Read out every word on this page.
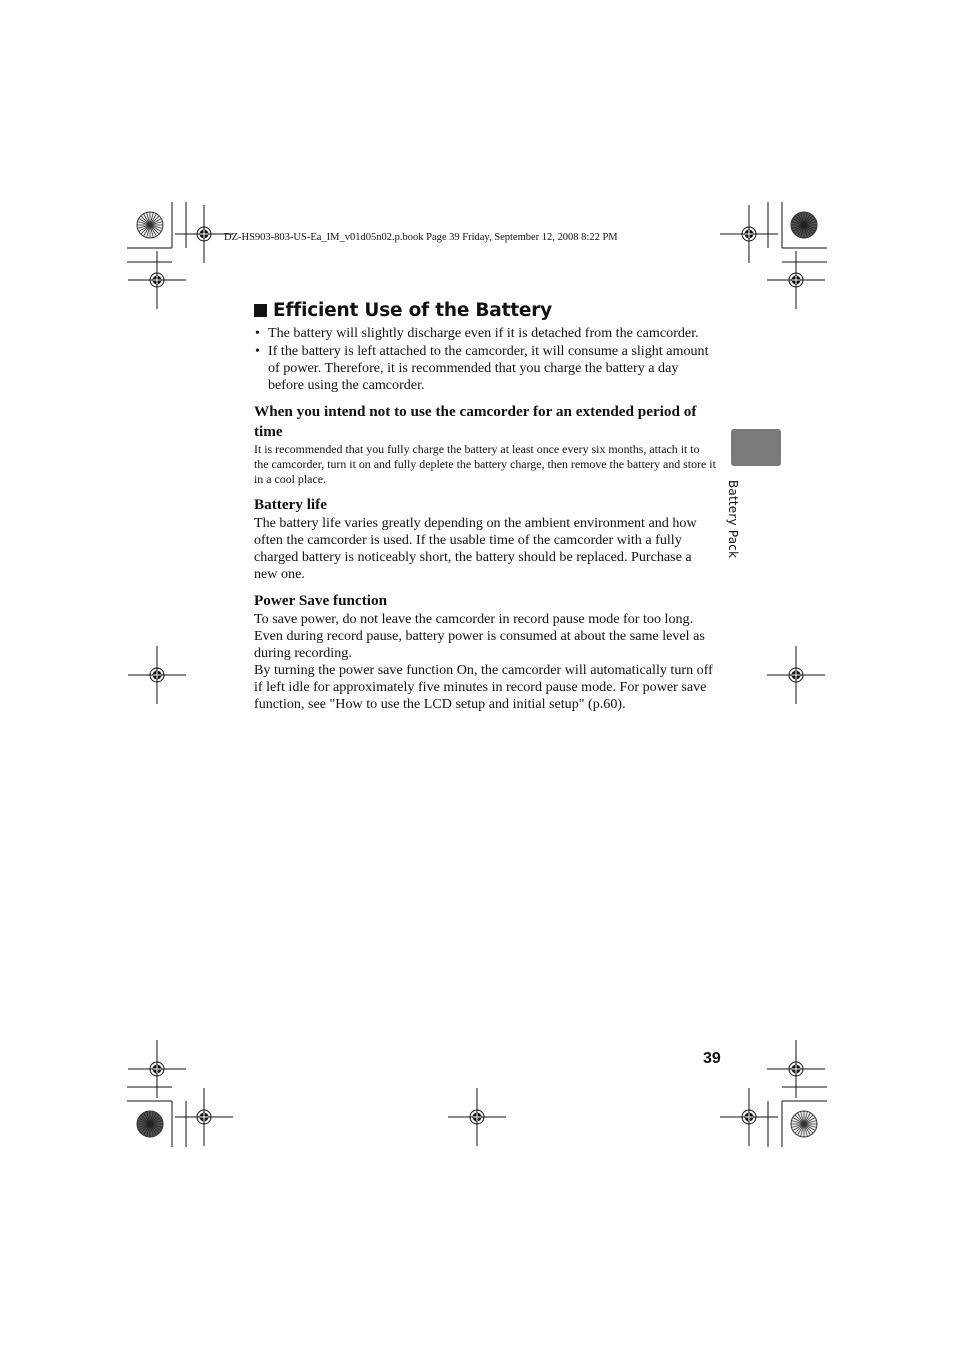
DZ-HS903-803-US-Ea_IM_v01d05n02.p.book Page 39 Friday, September 12, 2008 8:22 PM
Efficient Use of the Battery
• The battery will slightly discharge even if it is detached from the camcorder.
• If the battery is left attached to the camcorder, it will consume a slight amount of power. Therefore, it is recommended that you charge the battery a day before using the camcorder.
When you intend not to use the camcorder for an extended period of time

It is recommended that you fully charge the battery at least once every six months, attach it to the camcorder, turn it on and fully deplete the battery charge, then remove the battery and store it in a cool place.

Battery life

The battery life varies greatly depending on the ambient environment and how often the camcorder is used. If the usable time of the camcorder with a fully charged battery is noticeably short, the battery should be replaced. Purchase a new one.

Power Save function

To save power, do not leave the camcorder in record pause mode for too long. Even during record pause, battery power is consumed at about the same level as during recording.

By turning the power save function On, the camcorder will automatically turn off if left idle for approximately five minutes in record pause mode. For power save function, see "How to use the LCD setup and initial setup" (p.60).

Battery Pack
39
